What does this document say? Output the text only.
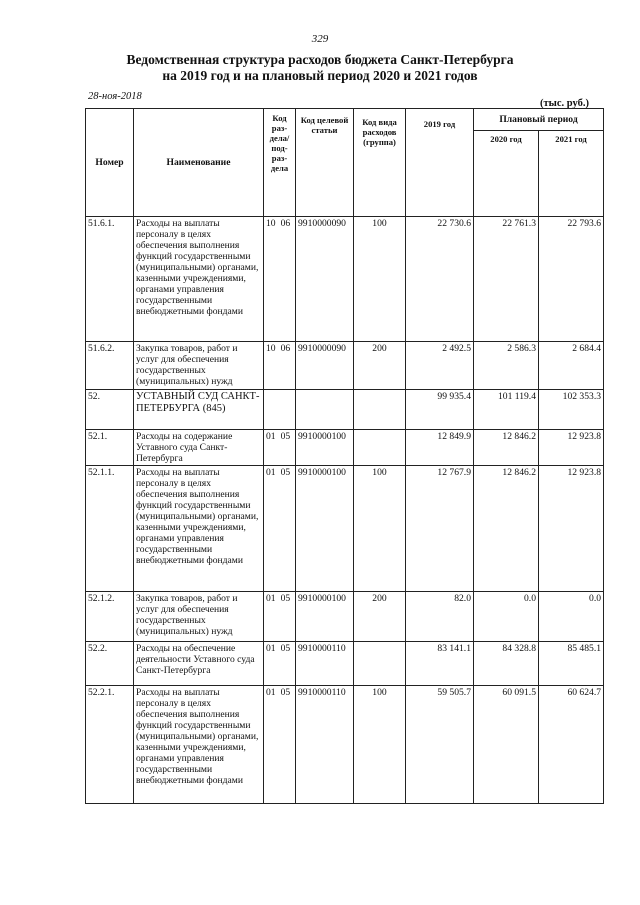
329
Ведомственная структура расходов бюджета Санкт-Петербурга
на 2019 год и на плановый период 2020 и 2021 годов
28-ноя-2018
(тыс. руб.)
Номер	Наименование	Код раз-дела/ под-раз-дела	Код целевой статьи	Код вида расходов (группа)	2019 год	Плановый период	
						2020 год	2021 год
51.6.1.	Расходы на выплаты персоналу в целях обеспечения выполнения функций государственными (муниципальными) органами, казенными учреждениями, органами управления государственными внебюджетными фондами	10 06	9910000090	100	22 730.6	22 761.3	22 793.6
51.6.2.	Закупка товаров, работ и услуг для обеспечения государственных (муниципальных) нужд	10 06	9910000090	200	2 492.5	2 586.3	2 684.4
52.	УСТАВНЫЙ СУД САНКТ-ПЕТЕРБУРГА (845)				99 935.4	101 119.4	102 353.3
52.1.	Расходы на содержание Уставного суда Санкт-Петербурга	01 05	9910000100		12 849.9	12 846.2	12 923.8
52.1.1.	Расходы на выплаты персоналу в целях обеспечения выполнения функций государственными (муниципальными) органами, казенными учреждениями, органами управления государственными внебюджетными фондами	01 05	9910000100	100	12 767.9	12 846.2	12 923.8
52.1.2.	Закупка товаров, работ и услуг для обеспечения государственных (муниципальных) нужд	01 05	9910000100	200	82.0	0.0	0.0
52.2.	Расходы на обеспечение деятельности Уставного суда Санкт-Петербурга	01 05	9910000110		83 141.1	84 328.8	85 485.1
52.2.1.	Расходы на выплаты персоналу в целях обеспечения выполнения функций государственными (муниципальными) органами, казенными учреждениями, органами управления государственными внебюджетными фондами	01 05	9910000110	100	59 505.7	60 091.5	60 624.7
